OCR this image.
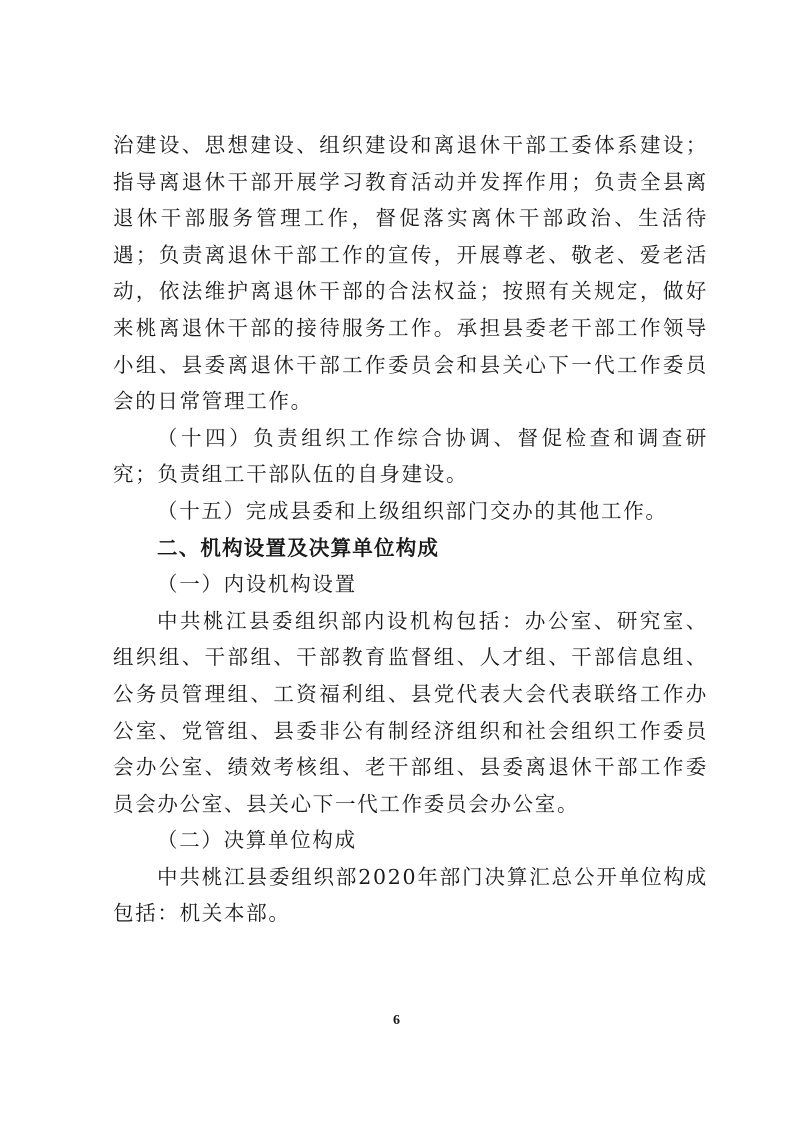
治建设、思想建设、组织建设和离退休干部工委体系建设；指导离退休干部开展学习教育活动并发挥作用；负责全县离退休干部服务管理工作，督促落实离休干部政治、生活待遇；负责离退休干部工作的宣传，开展尊老、敬老、爱老活动，依法维护离退休干部的合法权益；按照有关规定，做好来桃离退休干部的接待服务工作。承担县委老干部工作领导小组、县委离退休干部工作委员会和县关心下一代工作委员会的日常管理工作。

（十四）负责组织工作综合协调、督促检查和调查研究；负责组工干部队伍的自身建设。

（十五）完成县委和上级组织部门交办的其他工作。

二、机构设置及决算单位构成

（一）内设机构设置

中共桃江县委组织部内设机构包括：办公室、研究室、组织组、干部组、干部教育监督组、人才组、干部信息组、公务员管理组、工资福利组、县党代表大会代表联络工作办公室、党管组、县委非公有制经济组织和社会组织工作委员会办公室、绩效考核组、老干部组、县委离退休干部工作委员会办公室、县关心下一代工作委员会办公室。

（二）决算单位构成

中共桃江县委组织部2020年部门决算汇总公开单位构成包括：机关本部。

6
